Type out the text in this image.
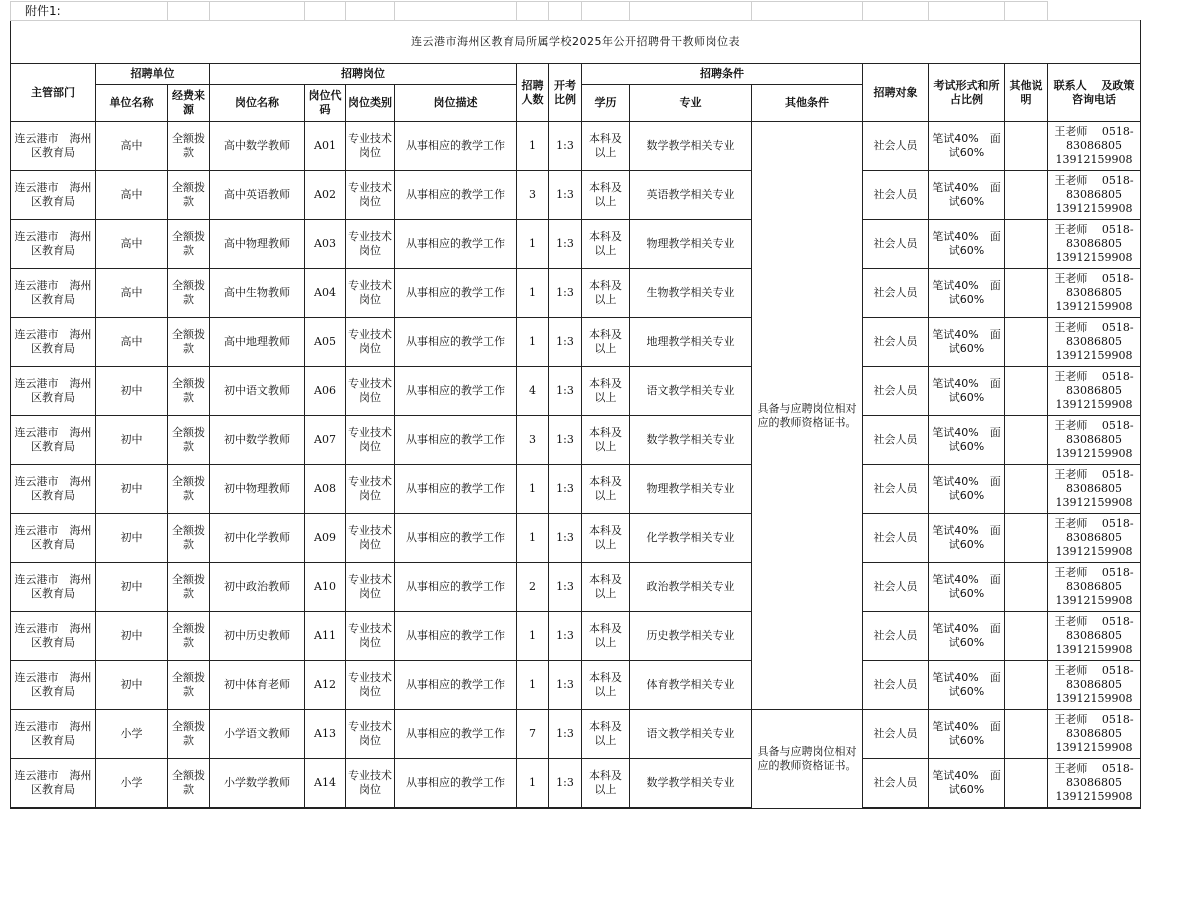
附件1:															
连云港市海州区教育局所属学校2025年公开招聘骨干教师岗位表															
主管部门	招聘单位		招聘岗位				招聘人数	开考比例	招聘条件			招聘对象	考试形式和所占比例	其他说明	联系人　 及政策咨询电话
	单位名称	经费来源	岗位名称	岗位代码	岗位类别	岗位描述			学历	专业	其他条件				
连云港市　海州区教育局	高中	全额拨款	高中数学教师	A01	专业技术岗位	从事相应的教学工作	1	1:3	本科及以上	数学教学相关专业	具备与应聘岗位相对应的教师资格证书。	社会人员	笔试40%　面试60%		王老师　 0518-
83086805
13912159908

连云港市　海州区教育局	高中	全额拨款	高中英语教师	A02	专业技术岗位	从事相应的教学工作	3	1:3	本科及以上	英语教学相关专业		社会人员	笔试40%　面试60%		王老师　 0518-
83086805
13912159908

连云港市　海州区教育局	高中	全额拨款	高中物理教师	A03	专业技术岗位	从事相应的教学工作	1	1:3	本科及以上	物理教学相关专业		社会人员	笔试40%　面试60%		王老师　 0518-
83086805
13912159908

连云港市　海州区教育局	高中	全额拨款	高中生物教师	A04	专业技术岗位	从事相应的教学工作	1	1:3	本科及以上	生物教学相关专业		社会人员	笔试40%　面试60%		王老师　 0518-
83086805
13912159908

连云港市　海州区教育局	高中	全额拨款	高中地理教师	A05	专业技术岗位	从事相应的教学工作	1	1:3	本科及以上	地理教学相关专业		社会人员	笔试40%　面试60%		王老师　 0518-
83086805
13912159908

连云港市　海州区教育局	初中	全额拨款	初中语文教师	A06	专业技术岗位	从事相应的教学工作	4	1:3	本科及以上	语文教学相关专业		社会人员	笔试40%　面试60%		王老师　 0518-
83086805
13912159908

连云港市　海州区教育局	初中	全额拨款	初中数学教师	A07	专业技术岗位	从事相应的教学工作	3	1:3	本科及以上	数学教学相关专业		社会人员	笔试40%　面试60%		王老师　 0518-
83086805
13912159908

连云港市　海州区教育局	初中	全额拨款	初中物理教师	A08	专业技术岗位	从事相应的教学工作	1	1:3	本科及以上	物理教学相关专业		社会人员	笔试40%　面试60%		王老师　 0518-
83086805
13912159908

连云港市　海州区教育局	初中	全额拨款	初中化学教师	A09	专业技术岗位	从事相应的教学工作	1	1:3	本科及以上	化学教学相关专业		社会人员	笔试40%　面试60%		王老师　 0518-
83086805
13912159908

连云港市　海州区教育局	初中	全额拨款	初中政治教师	A10	专业技术岗位	从事相应的教学工作	2	1:3	本科及以上	政治教学相关专业		社会人员	笔试40%　面试60%		王老师　 0518-
83086805
13912159908

连云港市　海州区教育局	初中	全额拨款	初中历史教师	A11	专业技术岗位	从事相应的教学工作	1	1:3	本科及以上	历史教学相关专业		社会人员	笔试40%　面试60%		王老师　 0518-
83086805
13912159908

连云港市　海州区教育局	初中	全额拨款	初中体育老师	A12	专业技术岗位	从事相应的教学工作	1	1:3	本科及以上	体育教学相关专业		社会人员	笔试40%　面试60%		王老师　 0518-
83086805
13912159908

连云港市　海州区教育局	小学	全额拨款	小学语文教师	A13	专业技术岗位	从事相应的教学工作	7	1:3	本科及以上	语文教学相关专业	具备与应聘岗位相对应的教师资格证书。	社会人员	笔试40%　面试60%		王老师　 0518-
83086805
13912159908

连云港市　海州区教育局	小学	全额拨款	小学数学教师	A14	专业技术岗位	从事相应的教学工作	1	1:3	本科及以上	数学教学相关专业		社会人员	笔试40%　面试60%		王老师　 0518-
83086805
13912159908
